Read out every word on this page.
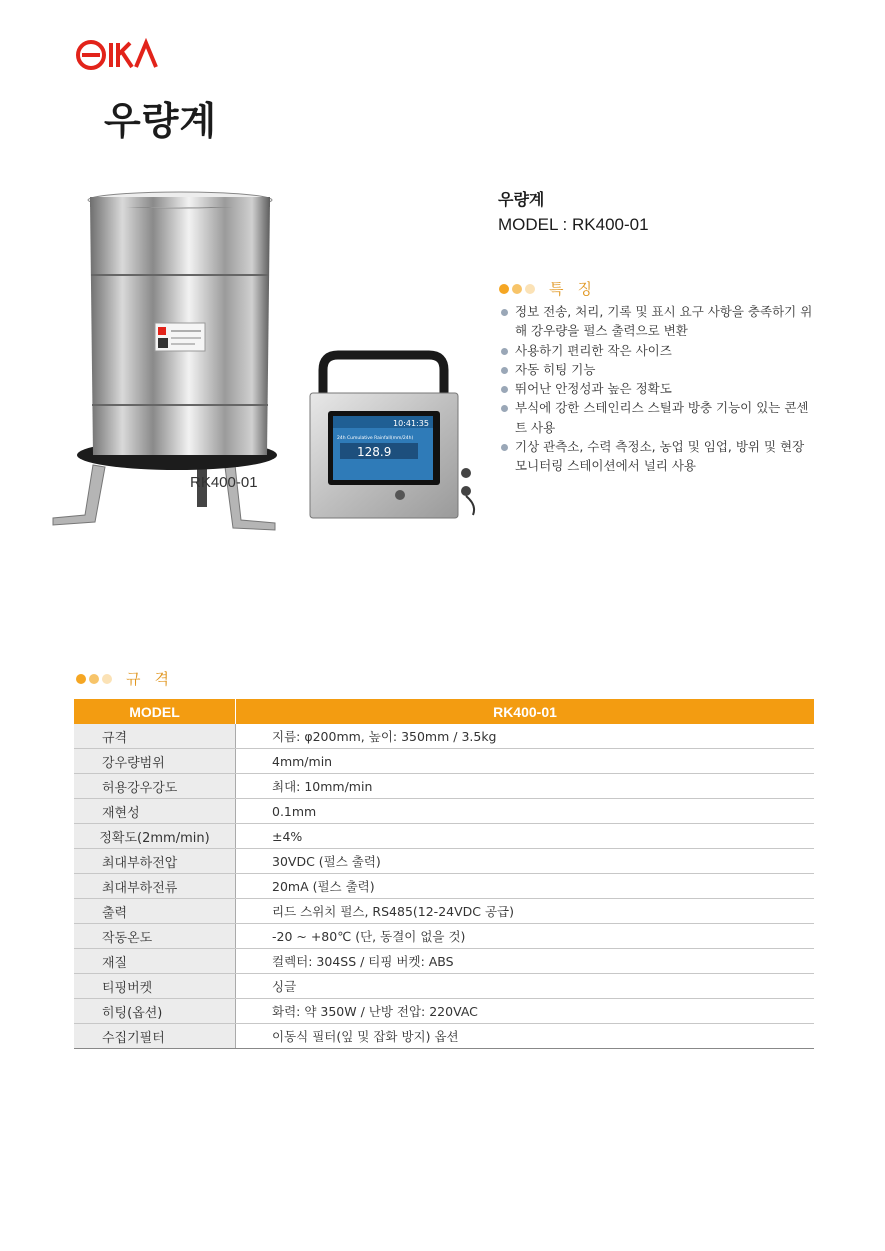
우량계
10:41:35
24h Cumulative Rainfall(mm/24h)
128.9
RK400-01
우량계
MODEL : RK400-01
특징
정보 전송, 처리, 기록 및 표시 요구 사항을 충족하기 위해 강우량을 펄스 출력으로 변환
사용하기 편리한 작은 사이즈
자동 히팅 기능
뛰어난 안정성과 높은 정확도
부식에 강한 스테인리스 스틸과 방충 기능이 있는 콘센트 사용
기상 관측소, 수력 측정소, 농업 및 임업, 방위 및 현장 모니터링 스테이션에서 널리 사용
규격
MODEL	RK400-01
규격	지름: φ200mm, 높이: 350mm / 3.5kg
강우량범위	4mm/min
허용강우강도	최대: 10mm/min
재현성	0.1mm
정확도(2mm/min)	±4%
최대부하전압	30VDC (펄스 출력)
최대부하전류	20mA (펄스 출력)
출력	리드 스위치 펄스, RS485(12-24VDC 공급)
작동온도	-20 ~ +80℃ (단, 동결이 없을 것)
재질	컬렉터: 304SS / 티핑 버켓: ABS
티핑버켓	싱글
히팅(옵션)	화력: 약 350W / 난방 전압: 220VAC
수집기필터	이동식 필터(잎 및 잡화 방지) 옵션
